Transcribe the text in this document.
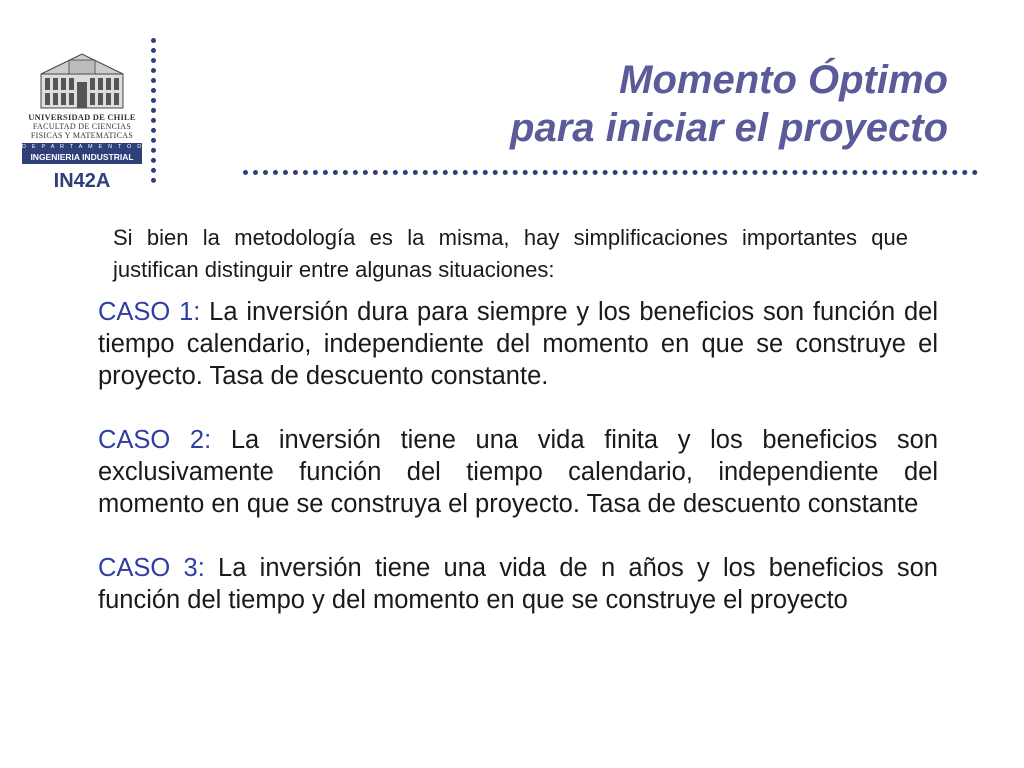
UNIVERSIDAD DE CHILE
FACULTAD DE CIENCIAS
FISICAS Y MATEMATICAS
D E P A R T A M E N T O D E
INGENIERIA INDUSTRIAL
IN42A
Momento Óptimo
para iniciar el proyecto
Si bien la metodología es la misma, hay simplificaciones importantes que justifican distinguir entre algunas situaciones:
CASO 1: La inversión dura para siempre y los beneficios son función del tiempo calendario, independiente del momento en que se construye el proyecto. Tasa de descuento constante.
CASO 2: La inversión tiene una vida finita y los beneficios son exclusivamente función del tiempo calendario, independiente del momento en que se construya el proyecto. Tasa de descuento constante
CASO 3: La inversión tiene una vida de n años y los beneficios son función del tiempo y del momento en que se construye el proyecto
